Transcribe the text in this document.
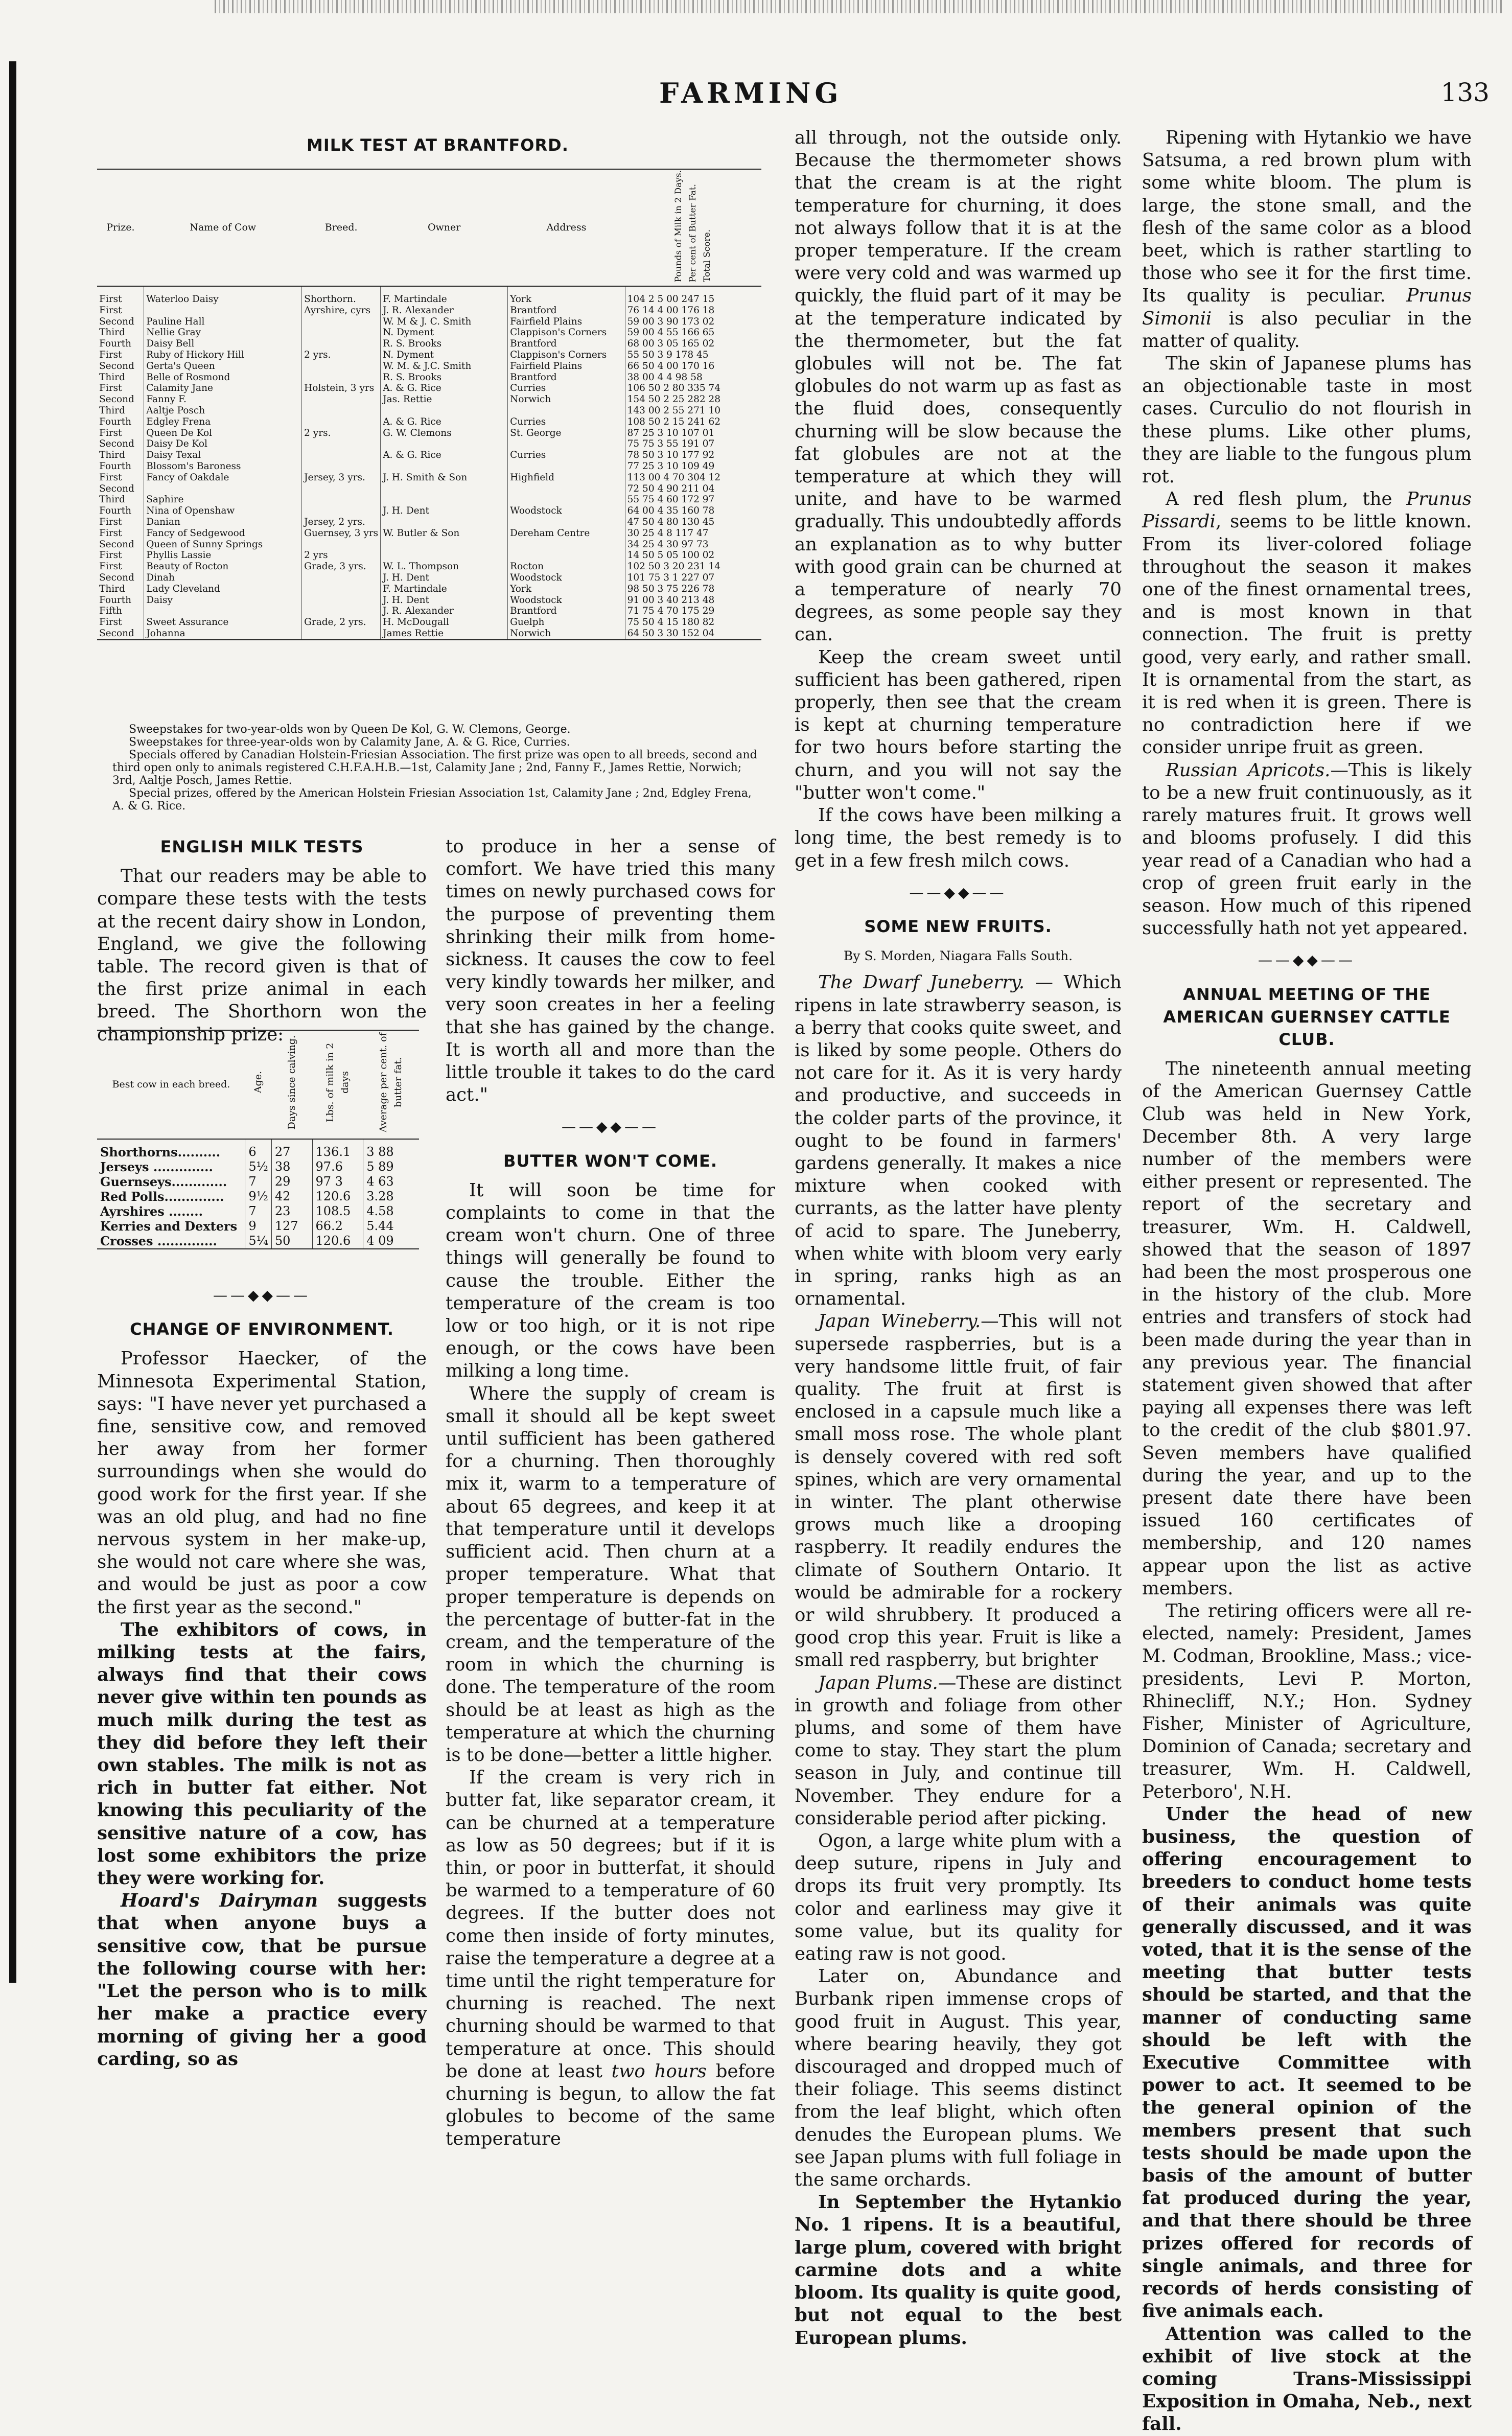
FARMING	133
MILK TEST AT BRANTFORD.
Prize.	Name of Cow	Breed.	Owner	Address	Pounds of Milk in 2 Days. Per cent of Butter Fat. Total Score.
First	Waterloo Daisy	Shorthorn.	F. Martindale	York	104 2 5 00 247 15
First		Ayrshire, cyrs	J. R. Alexander	Brantford	76 14 4 00 176 18
Second	Pauline Hall		W. M & J. C. Smith	Fairfield Plains	59 00 3 90 173 02
Third	Nellie Gray		N. Dyment	Clappison's Corners	59 00 4 55 166 65
Fourth	Daisy Bell		R. S. Brooks	Brantford	68 00 3 05 165 02
First	Ruby of Hickory Hill	2 yrs.	N. Dyment	Clappison's Corners	55 50 3 9 178 45
Second	Gerta's Queen		W. M. & J.C. Smith	Fairfield Plains	66 50 4 00 170 16
Third	Belle of Rosmond		R. S. Brooks	Brantford	38 00 4 4 98 58
First	Calamity Jane	Holstein, 3 yrs	A. & G. Rice	Curries	106 50 2 80 335 74
Second	Fanny F.		Jas. Rettie	Norwich	154 50 2 25 282 28
Third	Aaltje Posch				143 00 2 55 271 10
Fourth	Edgley Frena		A. & G. Rice	Curries	108 50 2 15 241 62
First	Queen De Kol	2 yrs.	G. W. Clemons	St. George	87 25 3 10 107 01
Second	Daisy De Kol				75 75 3 55 191 07
Third	Daisy Texal		A. & G. Rice	Curries	78 50 3 10 177 92
Fourth	Blossom's Baroness				77 25 3 10 109 49
First	Fancy of Oakdale	Jersey, 3 yrs.	J. H. Smith & Son	Highfield	113 00 4 70 304 12
Second					72 50 4 90 211 04
Third	Saphire				55 75 4 60 172 97
Fourth	Nina of Openshaw		J. H. Dent	Woodstock	64 00 4 35 160 78
First	Danian	Jersey, 2 yrs.			47 50 4 80 130 45
First	Fancy of Sedgewood	Guernsey, 3 yrs	W. Butler & Son	Dereham Centre	30 25 4 8 117 47
Second	Queen of Sunny Springs				34 25 4 30 97 73
First	Phyllis Lassie	2 yrs			14 50 5 05 100 02
First	Beauty of Rocton	Grade, 3 yrs.	W. L. Thompson	Rocton	102 50 3 20 231 14
Second	Dinah		J. H. Dent	Woodstock	101 75 3 1 227 07
Third	Lady Cleveland		F. Martindale	York	98 50 3 75 226 78
Fourth	Daisy		J. H. Dent	Woodstock	91 00 3 40 213 48
Fifth			J. R. Alexander	Brantford	71 75 4 70 175 29
First	Sweet Assurance	Grade, 2 yrs.	H. McDougall	Guelph	75 50 4 15 180 82
Second	Johanna		James Rettie	Norwich	64 50 3 30 152 04

Sweepstakes for two-year-olds won by Queen De Kol, G. W. Clemons, George.

Sweepstakes for three-year-olds won by Calamity Jane, A. & G. Rice, Curries.

Specials offered by Canadian Holstein-Friesian Association. The first prize was open to all breeds, second and third open only to animals registered C.H.F.A.H.B.—1st, Calamity Jane ; 2nd, Fanny F., James Rettie, Norwich; 3rd, Aaltje Posch, James Rettie.

Special prizes, offered by the American Holstein Friesian Association 1st, Calamity Jane ; 2nd, Edgley Frena, A. & G. Rice.

ENGLISH MILK TESTS

That our readers may be able to compare these tests with the tests at the recent dairy show in London, England, we give the following table. The record given is that of the first prize animal in each breed. The Shorthorn won the championship prize:

Best cow in each breed.	Age.	Days since calving.	Lbs. of milk in 2 days	Average per cent. of butter fat.
Shorthorns..........	6	27	136.1	3 88
Jerseys ..............	5½	38	97.6	5 89
Guernseys.............	7	29	97 3	4 63
Red Polls..............	9½	42	120.6	3.28
Ayrshires ........	7	23	108.5	4.58
Kerries and Dexters	9	127	66.2	5.44
Crosses ..............	5¼	50	120.6	4 09
——◆◆——
CHANGE OF ENVIRONMENT.

Professor Haecker, of the Minnesota Experimental Station, says: "I have never yet purchased a fine, sensitive cow, and removed her away from her former surroundings when she would do good work for the first year. If she was an old plug, and had no fine nervous system in her make-up, she would not care where she was, and would be just as poor a cow the first year as the second."

The exhibitors of cows, in milking tests at the fairs, always find that their cows never give within ten pounds as much milk during the test as they did before they left their own stables. The milk is not as rich in butter fat either. Not knowing this peculiarity of the sensitive nature of a cow, has lost some exhibitors the prize they were working for.

Hoard's Dairyman suggests that when anyone buys a sensitive cow, that be pursue the following course with her: "Let the person who is to milk her make a practice every morning of giving her a good carding, so as

to produce in her a sense of comfort. We have tried this many times on newly purchased cows for the purpose of preventing them shrinking their milk from home-sickness. It causes the cow to feel very kindly towards her milker, and very soon creates in her a feeling that she has gained by the change. It is worth all and more than the little trouble it takes to do the card act."

——◆◆——
BUTTER WON'T COME.

It will soon be time for complaints to come in that the cream won't churn. One of three things will generally be found to cause the trouble. Either the temperature of the cream is too low or too high, or it is not ripe enough, or the cows have been milking a long time.

Where the supply of cream is small it should all be kept sweet until sufficient has been gathered for a churning. Then thoroughly mix it, warm to a temperature of about 65 degrees, and keep it at that temperature until it develops sufficient acid. Then churn at a proper temperature. What that proper temperature is depends on the percentage of butter-fat in the cream, and the temperature of the room in which the churning is done. The temperature of the room should be at least as high as the temperature at which the churning is to be done—better a little higher.

If the cream is very rich in butter fat, like separator cream, it can be churned at a temperature as low as 50 degrees; but if it is thin, or poor in butterfat, it should be warmed to a temperature of 60 degrees. If the butter does not come then inside of forty minutes, raise the temperature a degree at a time until the right temperature for churning is reached. The next churning should be warmed to that temperature at once. This should be done at least two hours before churning is begun, to allow the fat globules to become of the same temperature

all through, not the outside only. Because the thermometer shows that the cream is at the right temperature for churning, it does not always follow that it is at the proper temperature. If the cream were very cold and was warmed up quickly, the fluid part of it may be at the temperature indicated by the thermometer, but the fat globules will not be. The fat globules do not warm up as fast as the fluid does, consequently churning will be slow because the fat globules are not at the temperature at which they will unite, and have to be warmed gradually. This undoubtedly affords an explanation as to why butter with good grain can be churned at a temperature of nearly 70 degrees, as some people say they can.

Keep the cream sweet until sufficient has been gathered, ripen properly, then see that the cream is kept at churning temperature for two hours before starting the churn, and you will not say the "butter won't come."

If the cows have been milking a long time, the best remedy is to get in a few fresh milch cows.

——◆◆——
SOME NEW FRUITS.
By S. Morden, Niagara Falls South.

The Dwarf Juneberry. — Which ripens in late strawberry season, is a berry that cooks quite sweet, and is liked by some people. Others do not care for it. As it is very hardy and productive, and succeeds in the colder parts of the province, it ought to be found in farmers' gardens generally. It makes a nice mixture when cooked with currants, as the latter have plenty of acid to spare. The Juneberry, when white with bloom very early in spring, ranks high as an ornamental.

Japan Wineberry.—This will not supersede raspberries, but is a very handsome little fruit, of fair quality. The fruit at first is enclosed in a capsule much like a small moss rose. The whole plant is densely covered with red soft spines, which are very ornamental in winter. The plant otherwise grows much like a drooping raspberry. It readily endures the climate of Southern Ontario. It would be admirable for a rockery or wild shrubbery. It produced a good crop this year. Fruit is like a small red raspberry, but brighter

Japan Plums.—These are distinct in growth and foliage from other plums, and some of them have come to stay. They start the plum season in July, and continue till November. They endure for a considerable period after picking.

Ogon, a large white plum with a deep suture, ripens in July and drops its fruit very promptly. Its color and earliness may give it some value, but its quality for eating raw is not good.

Later on, Abundance and Burbank ripen immense crops of good fruit in August. This year, where bearing heavily, they got discouraged and dropped much of their foliage. This seems distinct from the leaf blight, which often denudes the European plums. We see Japan plums with full foliage in the same orchards.

In September the Hytankio No. 1 ripens. It is a beautiful, large plum, covered with bright carmine dots and a white bloom. Its quality is quite good, but not equal to the best European plums.

Ripening with Hytankio we have Satsuma, a red brown plum with some white bloom. The plum is large, the stone small, and the flesh of the same color as a blood beet, which is rather startling to those who see it for the first time. Its quality is peculiar. Prunus Simonii is also peculiar in the matter of quality.

The skin of Japanese plums has an objectionable taste in most cases. Curculio do not flourish in these plums. Like other plums, they are liable to the fungous plum rot.

A red flesh plum, the Prunus Pissardi, seems to be little known. From its liver-colored foliage throughout the season it makes one of the finest ornamental trees, and is most known in that connection. The fruit is pretty good, very early, and rather small. It is ornamental from the start, as it is red when it is green. There is no contradiction here if we consider unripe fruit as green.

Russian Apricots.—This is likely to be a new fruit continuously, as it rarely matures fruit. It grows well and blooms profusely. I did this year read of a Canadian who had a crop of green fruit early in the season. How much of this ripened successfully hath not yet appeared.

——◆◆——
ANNUAL MEETING OF THE AMERICAN GUERNSEY CATTLE CLUB.

The nineteenth annual meeting of the American Guernsey Cattle Club was held in New York, December 8th. A very large number of the members were either present or represented. The report of the secretary and treasurer, Wm. H. Caldwell, showed that the season of 1897 had been the most prosperous one in the history of the club. More entries and transfers of stock had been made during the year than in any previous year. The financial statement given showed that after paying all expenses there was left to the credit of the club $801.97. Seven members have qualified during the year, and up to the present date there have been issued 160 certificates of membership, and 120 names appear upon the list as active members.

The retiring officers were all re-elected, namely: President, James M. Codman, Brookline, Mass.; vice-presidents, Levi P. Morton, Rhinecliff, N.Y.; Hon. Sydney Fisher, Minister of Agriculture, Dominion of Canada; secretary and treasurer, Wm. H. Caldwell, Peterboro', N.H.

Under the head of new business, the question of offering encouragement to breeders to conduct home tests of their animals was quite generally discussed, and it was voted, that it is the sense of the meeting that butter tests should be started, and that the manner of conducting same should be left with the Executive Committee with power to act. It seemed to be the general opinion of the members present that such tests should be made upon the basis of the amount of butter fat produced during the year, and that there should be three prizes offered for records of single animals, and three for records of herds consisting of five animals each.

Attention was called to the exhibit of live stock at the coming Trans-Mississippi Exposition in Omaha, Neb., next fall.
